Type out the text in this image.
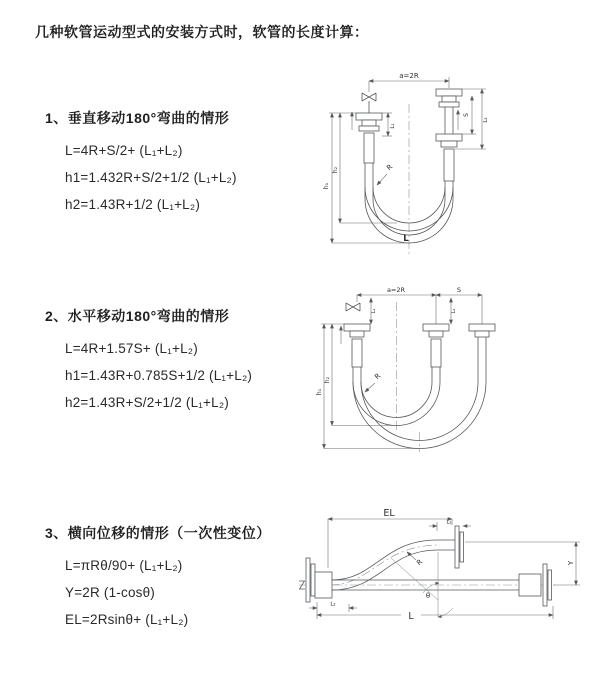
几种软管运动型式的安装方式时，软管的长度计算：
1、垂直移动180°弯曲的情形
L=4R+S/2+ (L₁+L₂)
h1=1.432R+S/2+1/2 (L₁+L₂)
h2=1.43R+1/2 (L₁+L₂)
2、水平移动180°弯曲的情形
L=4R+1.57S+ (L₁+L₂)
h1=1.43R+0.785S+1/2 (L₁+L₂)
h2=1.43R+S/2+1/2 (L₁+L₂)
3、横向位移的情形（一次性变位）
L=πRθ/90+ (L₁+L₂)
Y=2R (1-cosθ)
EL=2Rsinθ+ (L₁+L₂)
a=2R
L₁
S
L₂
h₂
h₁
R
L
a=2R	S
L₁	L₂
h₂
h₁
R
EL
L₁
Y
θ
R
L
L₂
